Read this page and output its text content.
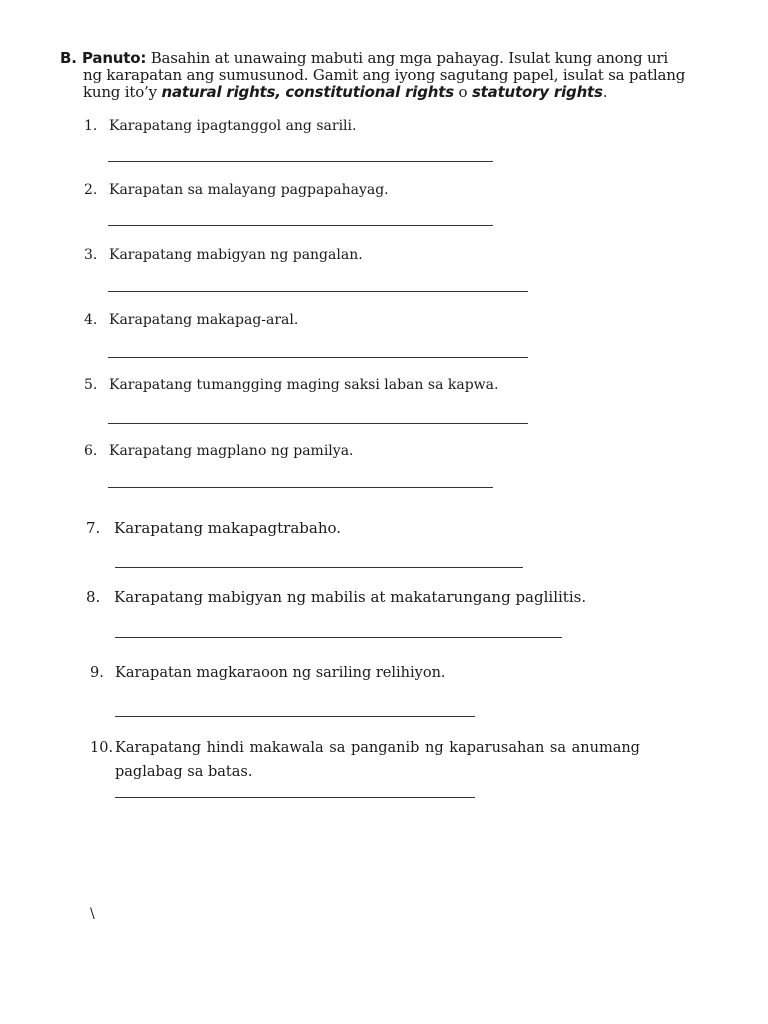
B. Panuto: Basahin at unawaing mabuti ang mga pahayag. Isulat kung anong uri
ng karapatan ang sumusunod. Gamit ang iyong sagutang papel, isulat sa patlang
kung ito’y natural rights, constitutional rights o statutory rights.
1. Karapatang ipagtanggol ang sarili.
2. Karapatan sa malayang pagpapahayag.
3. Karapatang mabigyan ng pangalan.
4. Karapatang makapag-aral.
5. Karapatang tumangging maging saksi laban sa kapwa.
6. Karapatang magplano ng pamilya.
7. Karapatang makapagtrabaho.
8. Karapatang mabigyan ng mabilis at makatarungang paglilitis.
9. Karapatan magkaraoon ng sariling relihiyon.
10. Karapatang hindi makawala sa panganib ng kaparusahan sa anumang
paglabag sa batas.
\
